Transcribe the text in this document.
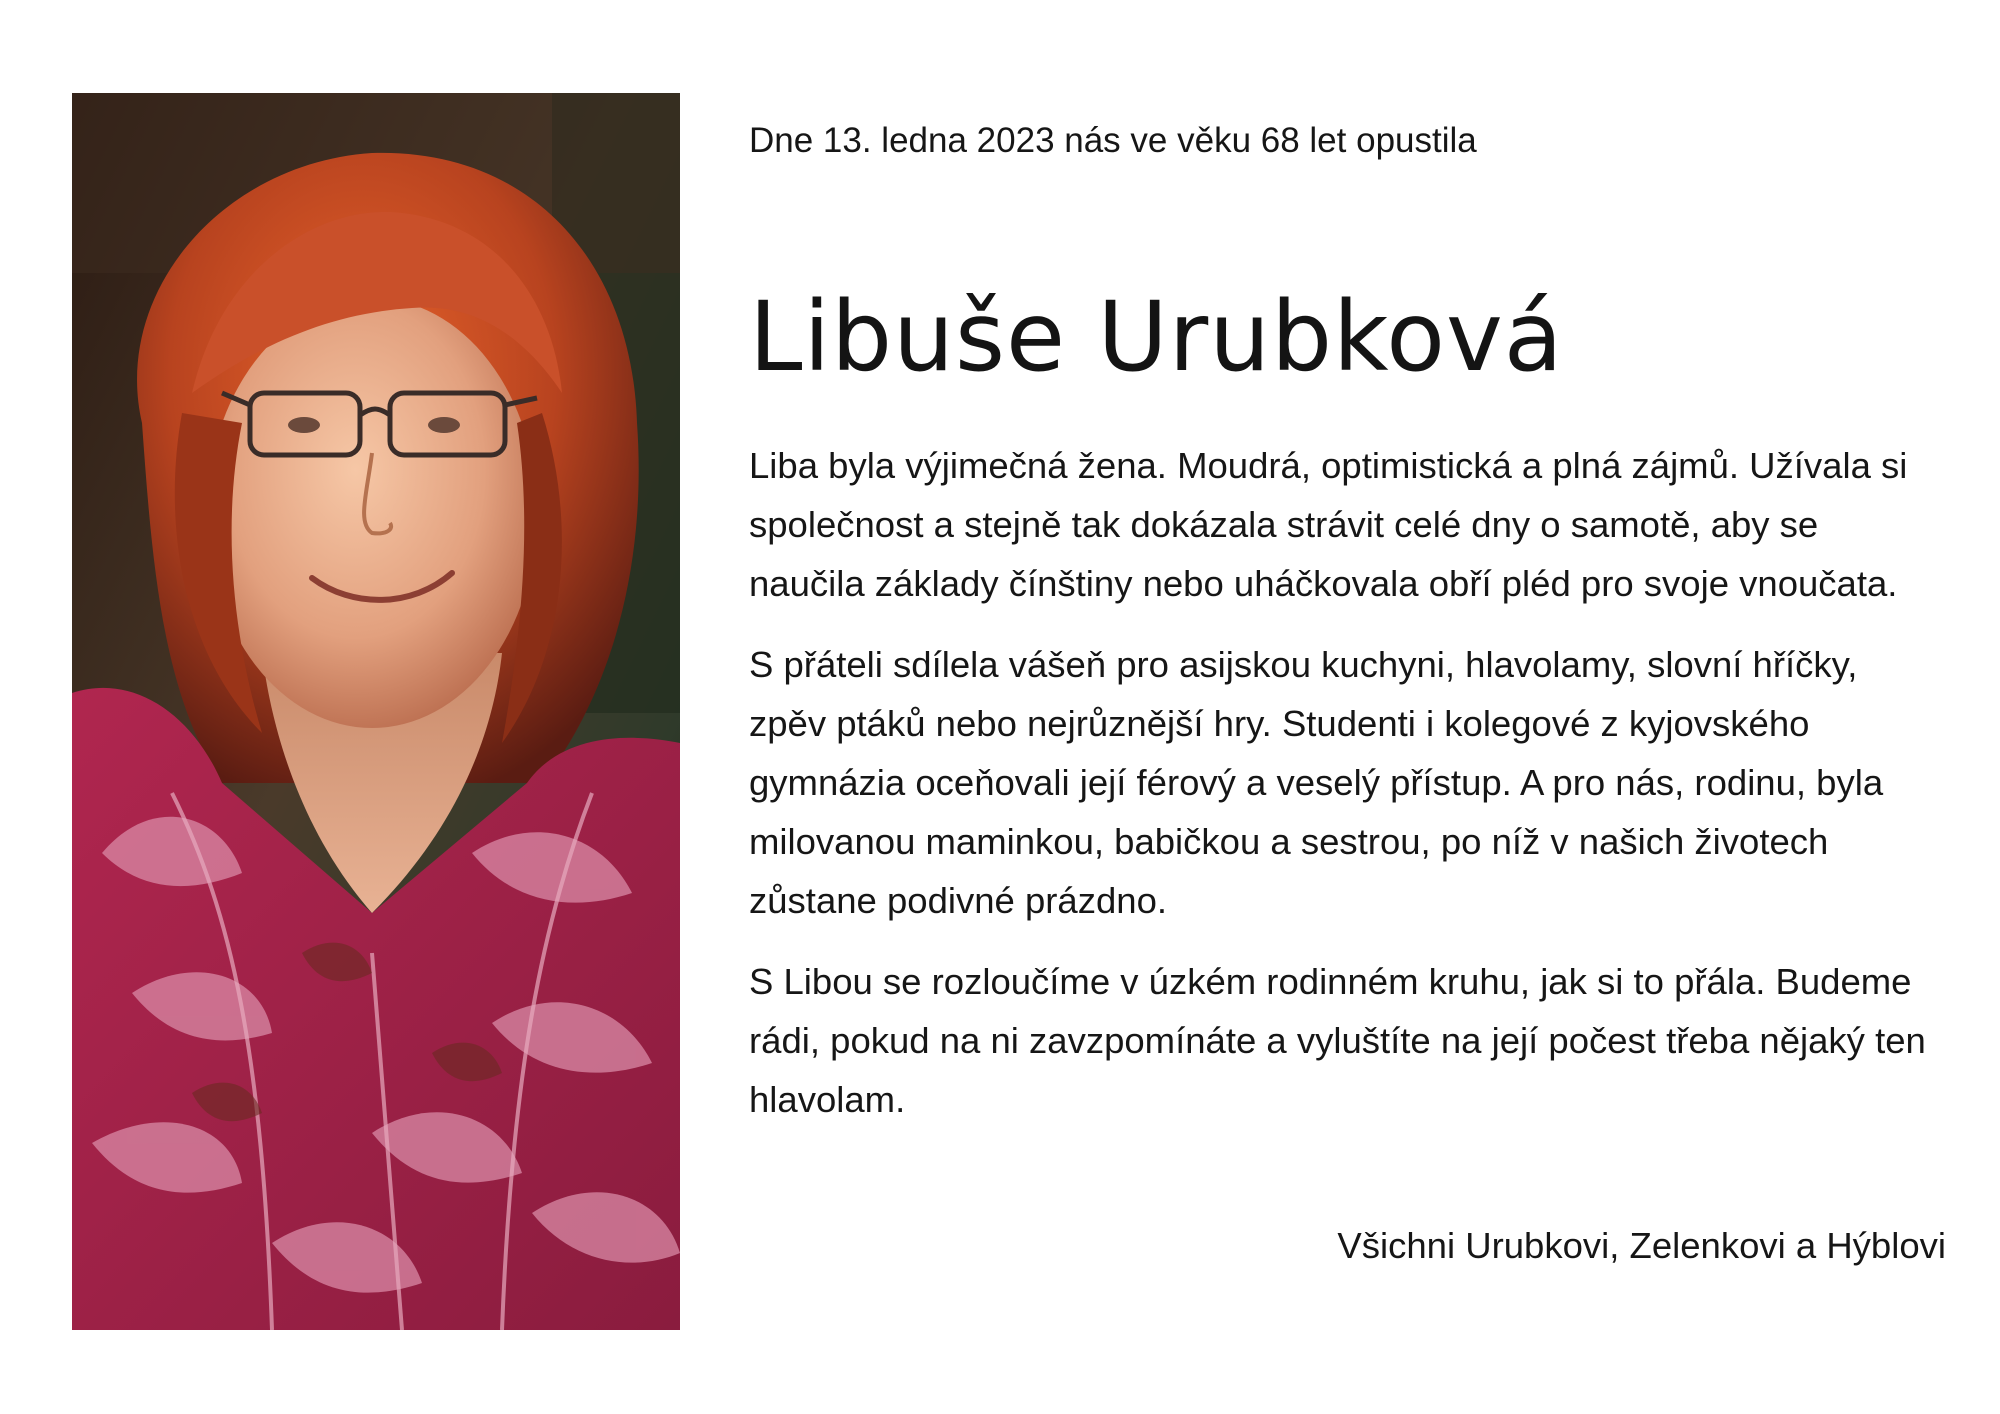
Dne 13. ledna 2023 nás ve věku 68 let opustila

Libuše Urubková

Liba byla výjimečná žena. Moudrá, optimistická a plná zájmů. Užívala si společnost a stejně tak dokázala strávit celé dny o samotě, aby se naučila základy čínštiny nebo uháčkovala obří pléd pro svoje vnoučata.

S přáteli sdílela vášeň pro asijskou kuchyni, hlavolamy, slovní hříčky, zpěv ptáků nebo nejrůznější hry. Studenti i kolegové z kyjovského gymnázia oceňovali její férový a veselý přístup. A pro nás, rodinu, byla milovanou maminkou, babičkou a sestrou, po níž v našich životech zůstane podivné prázdno.

S Libou se rozloučíme v úzkém rodinném kruhu, jak si to přála. Budeme rádi, pokud na ni zavzpomínáte a vyluštíte na její počest třeba nějaký ten hlavolam.

Všichni Urubkovi, Zelenkovi a Hýblovi
